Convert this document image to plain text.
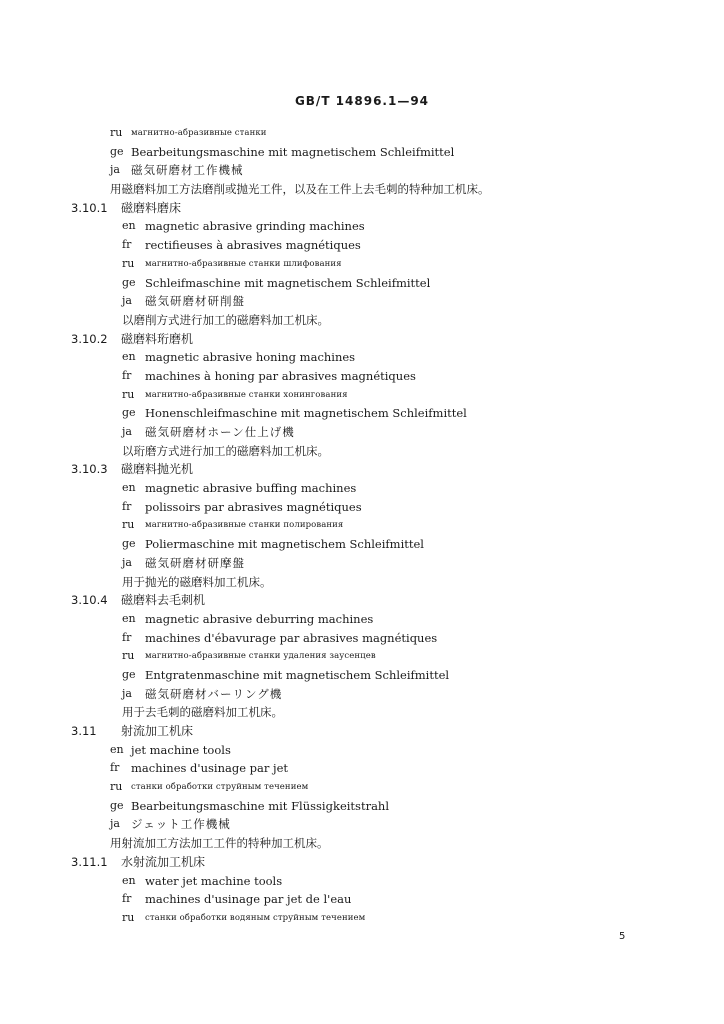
GB/T 14896.1—94
ru	магнитно-абразивные станки
ge Bearbeitungsmaschine mit magnetischem Schleifmittel
ja 磁気研磨材工作機械
用磁磨料加工方法磨削或抛光工件，以及在工件上去毛刺的特种加工机床。
3.10.1	磁磨料磨床
en magnetic abrasive grinding machines
fr	rectifieuses à abrasives magnétiques
ru	магнитно-абразивные станки шлифования
ge Schleifmaschine mit magnetischem Schleifmittel
ja	磁気研磨材研削盤
以磨削方式进行加工的磁磨料加工机床。
3.10.2	磁磨料珩磨机
en magnetic abrasive honing machines
fr	machines à honing par abrasives magnétiques
ru	магнитно-абразивные станки хонингования
ge Honenschleifmaschine mit magnetischem Schleifmittel
ja	磁気研磨材ホーン仕上げ機
以珩磨方式进行加工的磁磨料加工机床。
3.10.3	磁磨料抛光机
en magnetic abrasive buffing machines
fr	polissoirs par abrasives magnétiques
ru	магнитно-абразивные станки полирования
ge Poliermaschine mit magnetischem Schleifmittel
ja	磁気研磨材研摩盤
用于抛光的磁磨料加工机床。
3.10.4	磁磨料去毛刺机
en magnetic abrasive deburring machines
fr	machines d'ébavurage par abrasives magnétiques
ru	магнитно-абразивные станки удаления заусенцев
ge Entgratenmaschine mit magnetischem Schleifmittel
ja	磁気研磨材バーリング機
用于去毛刺的磁磨料加工机床。
3.11	射流加工机床
en jet machine tools
fr	machines d'usinage par jet
ru	станки обработки струйным течением
ge Bearbeitungsmaschine mit Flüssigkeitstrahl
ja ジェット工作機械
用射流加工方法加工工件的特种加工机床。
3.11.1	水射流加工机床
en water jet machine tools
fr	machines d'usinage par jet de l'eau
ru	станки обработки водяным струйным течением
5
